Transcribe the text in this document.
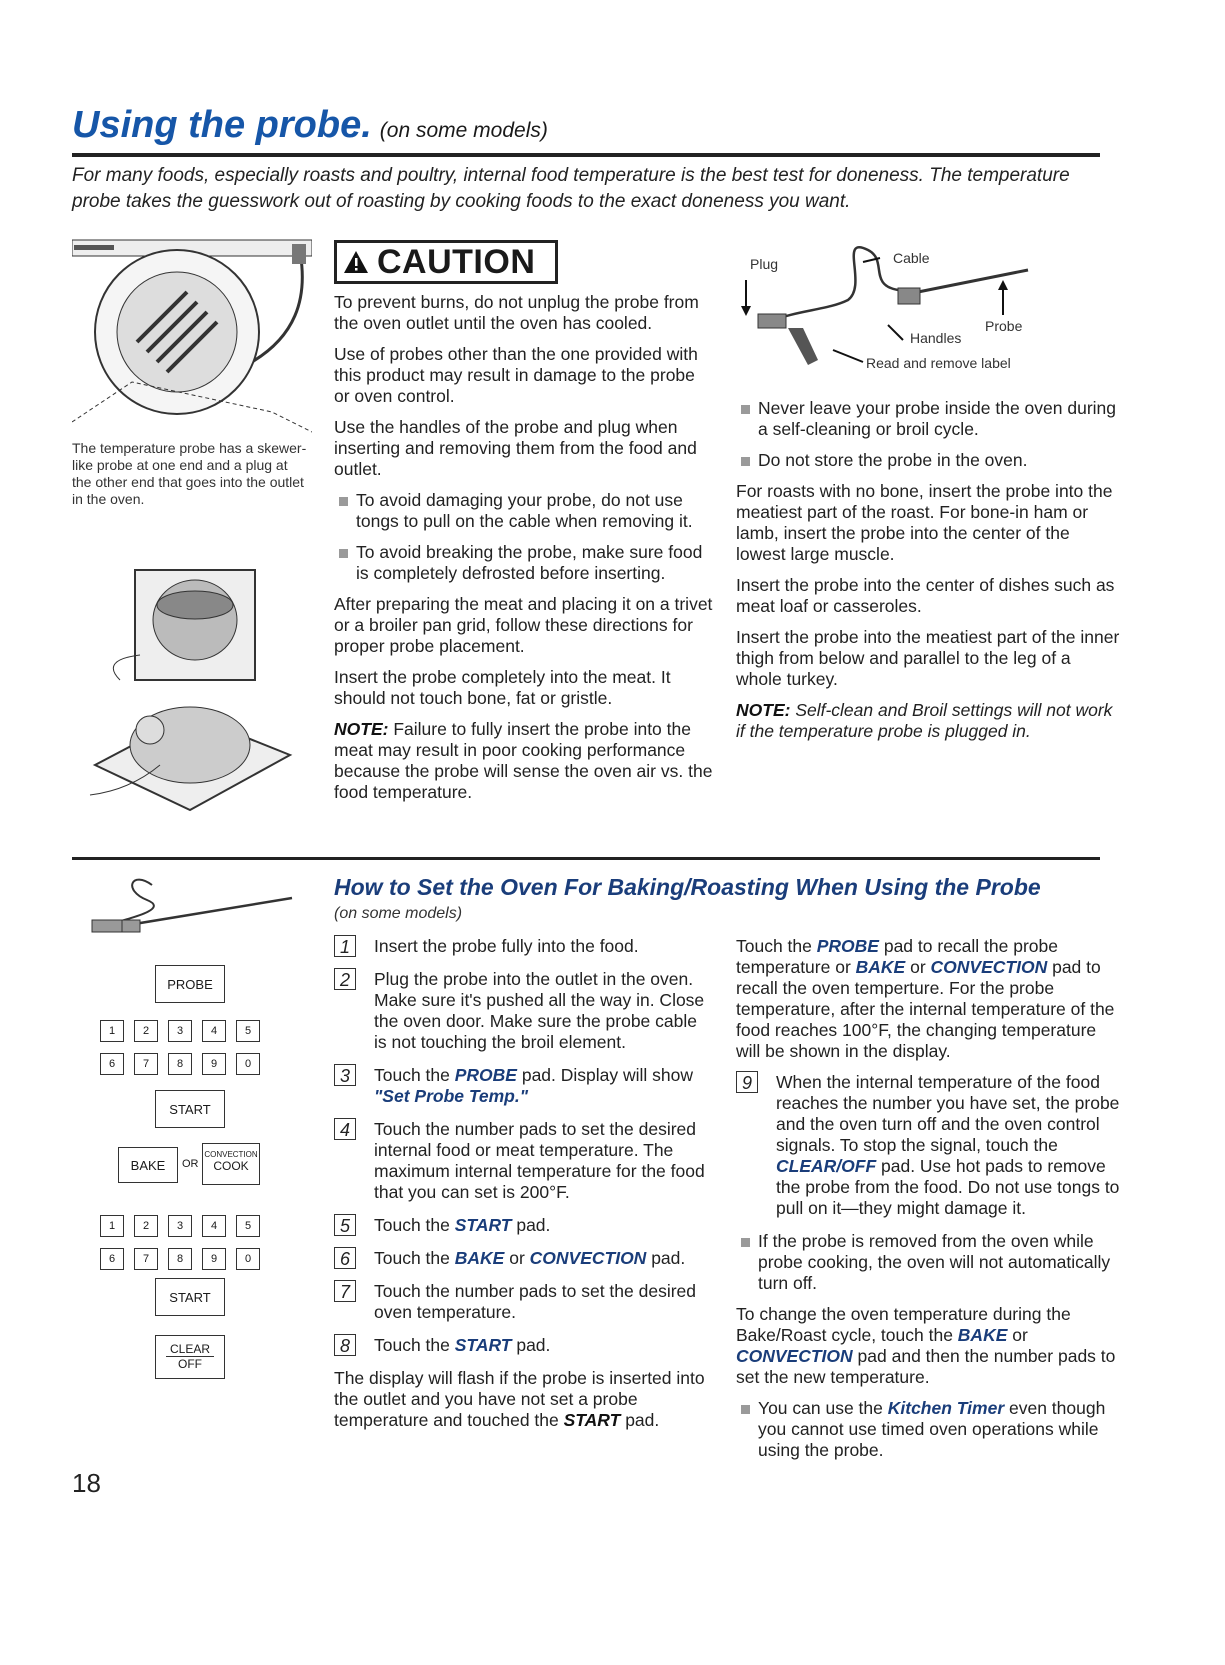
Using the probe. (on some models)
For many foods, especially roasts and poultry, internal food temperature is the best test for doneness. The temperature probe takes the guesswork out of roasting by cooking foods to the exact doneness you want.
The temperature probe has a skewer-like probe at one end and a plug at the other end that goes into the outlet in the oven.
CAUTION

To prevent burns, do not unplug the probe from the oven outlet until the oven has cooled.

Use of probes other than the one provided with this product may result in damage to the probe or oven control.

Use the handles of the probe and plug when inserting and removing them from the food and outlet.

To avoid damaging your probe, do not use tongs to pull on the cable when removing it.
To avoid breaking the probe, make sure food is completely defrosted before inserting.

After preparing the meat and placing it on a trivet or a broiler pan grid, follow these directions for proper probe placement.

Insert the probe completely into the meat. It should not touch bone, fat or gristle.

NOTE: Failure to fully insert the probe into the meat may result in poor cooking performance because the probe will sense the oven air vs. the food temperature.

Plug	Cable
Probe
Handles
Read and remove label
Never leave your probe inside the oven during a self-cleaning or broil cycle.
Do not store the probe in the oven.

For roasts with no bone, insert the probe into the meatiest part of the roast. For bone-in ham or lamb, insert the probe into the center of the lowest large muscle.

Insert the probe into the center of dishes such as meat loaf or casseroles.

Insert the probe into the meatiest part of the inner thigh from below and parallel to the leg of a whole turkey.

NOTE: Self-clean and Broil settings will not work if the temperature probe is plugged in.

How to Set the Oven For Baking/Roasting When Using the Probe
(on some models)
PROBE
1	2	3	4	5
6	7	8	9	0
START
BAKE	OR
CONVECTION
COOK
1	2	3	4	5
6	7	8	9	0
START
CLEAR
OFF
1	Insert the probe fully into the food.
2	Plug the probe into the outlet in the oven. Make sure it's pushed all the way in. Close the oven door. Make sure the probe cable is not touching the broil element.
3	Touch the PROBE pad. Display will show "Set Probe Temp."
4	Touch the number pads to set the desired internal food or meat temperature. The maximum internal temperature for the food that you can set is 200°F.
5	Touch the START pad.
6	Touch the BAKE or CONVECTION pad.
7	Touch the number pads to set the desired oven temperature.
8	Touch the START pad.

The display will flash if the probe is inserted into the outlet and you have not set a probe temperature and touched the START pad.

Touch the PROBE pad to recall the probe temperature or BAKE or CONVECTION pad to recall the oven temperture. For the probe temperature, after the internal temperature of the food reaches 100°F, the changing temperature will be shown in the display.

9	When the internal temperature of the food reaches the number you have set, the probe and the oven turn off and the oven control signals. To stop the signal, touch the CLEAR/OFF pad. Use hot pads to remove the probe from the food. Do not use tongs to pull on it—they might damage it.
If the probe is removed from the oven while probe cooking, the oven will not automatically turn off.

To change the oven temperature during the Bake/Roast cycle, touch the BAKE or CONVECTION pad and then the number pads to set the new temperature.

You can use the Kitchen Timer even though you cannot use timed oven operations while using the probe.
18
